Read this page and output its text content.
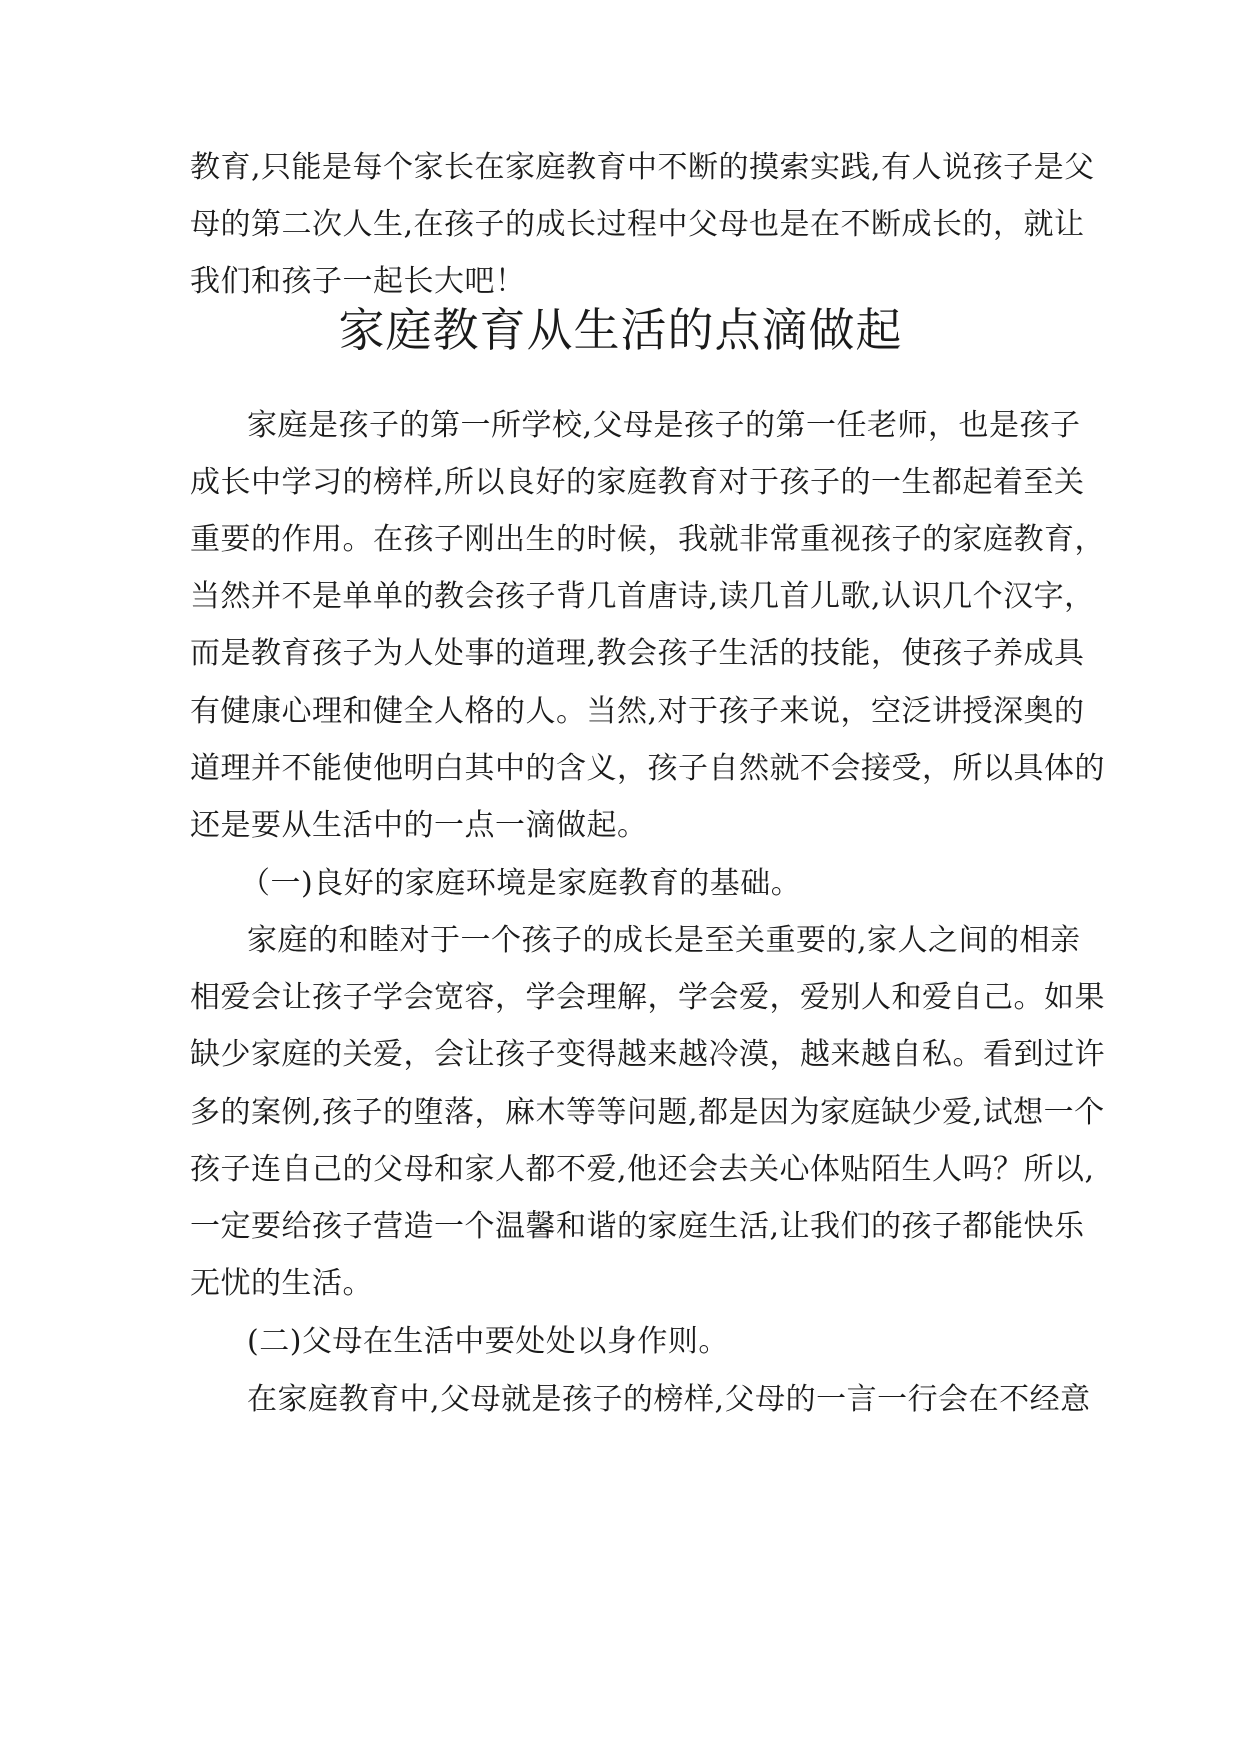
教育,只能是每个家长在家庭教育中不断的摸索实践,有人说孩子是父
母的第二次人生,在孩子的成长过程中父母也是在不断成长的，就让
我们和孩子一起长大吧！
家庭教育从生活的点滴做起
家庭是孩子的第一所学校,父母是孩子的第一任老师，也是孩子
成长中学习的榜样,所以良好的家庭教育对于孩子的一生都起着至关
重要的作用。在孩子刚出生的时候，我就非常重视孩子的家庭教育，
当然并不是单单的教会孩子背几首唐诗,读几首儿歌,认识几个汉字，
而是教育孩子为人处事的道理,教会孩子生活的技能，使孩子养成具
有健康心理和健全人格的人。当然,对于孩子来说，空泛讲授深奥的
道理并不能使他明白其中的含义，孩子自然就不会接受，所以具体的
还是要从生活中的一点一滴做起。
（一)良好的家庭环境是家庭教育的基础。
家庭的和睦对于一个孩子的成长是至关重要的,家人之间的相亲
相爱会让孩子学会宽容，学会理解，学会爱，爱别人和爱自己。如果
缺少家庭的关爱，会让孩子变得越来越冷漠，越来越自私。看到过许
多的案例,孩子的堕落，麻木等等问题,都是因为家庭缺少爱,试想一个
孩子连自己的父母和家人都不爱,他还会去关心体贴陌生人吗？所以,
一定要给孩子营造一个温馨和谐的家庭生活,让我们的孩子都能快乐
无忧的生活。
(二)父母在生活中要处处以身作则。
在家庭教育中,父母就是孩子的榜样,父母的一言一行会在不经意
